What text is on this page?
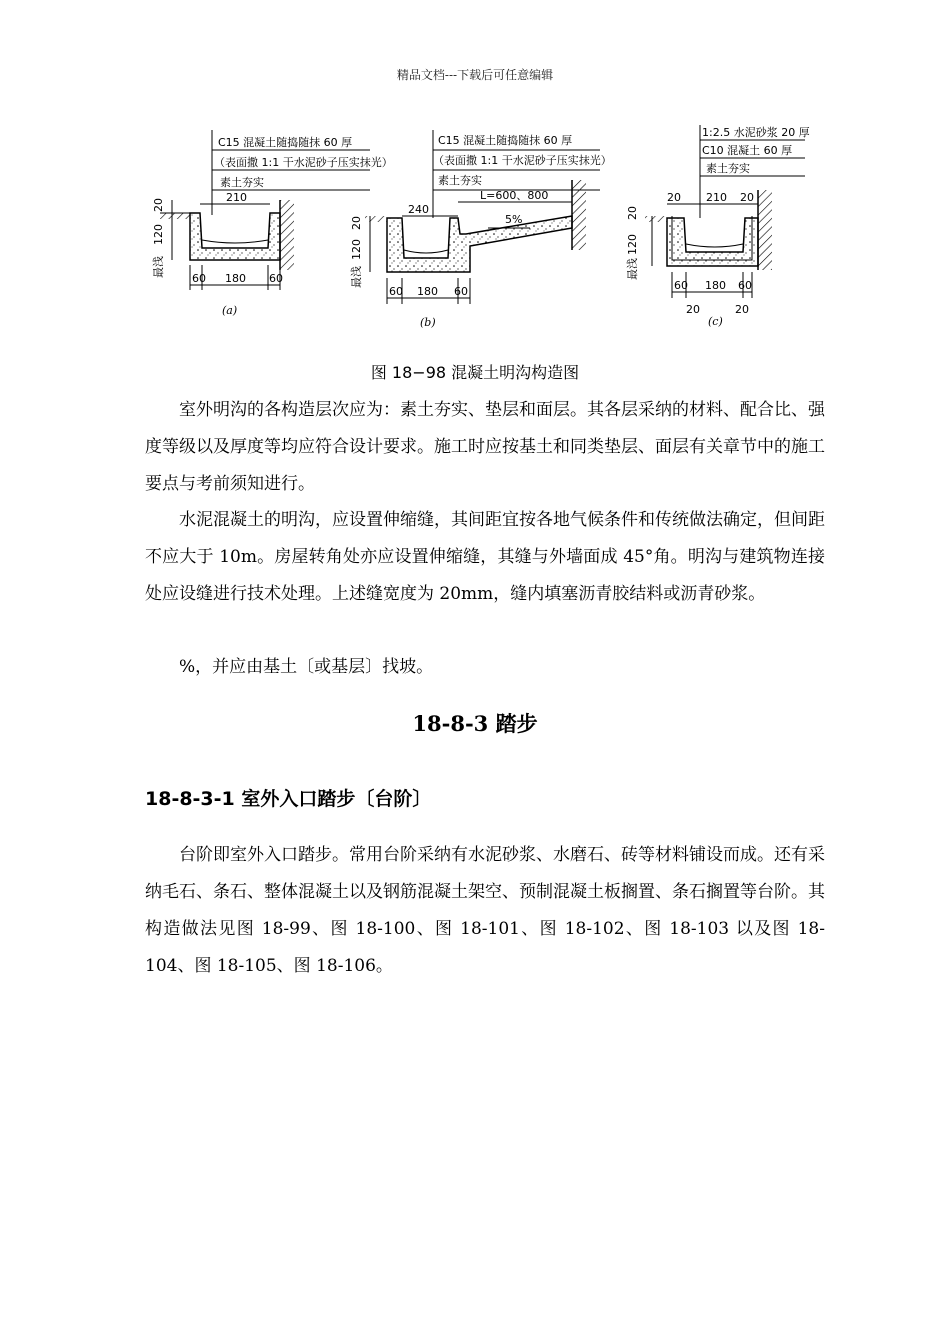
精品文档---下载后可任意编辑
C15 混凝土随捣随抹 60 厚
（表面撒 1:1 干水泥砂子压实抹光）
素土夯实
210
60 180 60
20
120
最浅
(a)
C15 混凝土随捣随抹 60 厚
（表面撒 1:1 干水泥砂子压实抹光）
素土夯实
240
L=600、800
5%
60 180 60
20
120
最浅
(b)
1:2.5 水泥砂浆 20 厚
C10 混凝土 60 厚
素土夯实
20 210 20
60 180 60
20	20
20
120
最浅
(c)
图 18−98 混凝土明沟构造图
室外明沟的各构造层次应为：素土夯实、垫层和面层。其各层采纳的材料、配合比、强度等级以及厚度等均应符合设计要求。施工时应按基土和同类垫层、面层有关章节中的施工要点与考前须知进行。
水泥混凝土的明沟，应设置伸缩缝，其间距宜按各地气候条件和传统做法确定，但间距不应大于 10m。房屋转角处亦应设置伸缩缝，其缝与外墙面成 45°角。明沟与建筑物连接处应设缝进行技术处理。上述缝宽度为 20mm，缝内填塞沥青胶结料或沥青砂浆。
%，并应由基土〔或基层〕找坡。
18-8-3 踏步
18-8-3-1 室外入口踏步〔台阶〕
台阶即室外入口踏步。常用台阶采纳有水泥砂浆、水磨石、砖等材料铺设而成。还有采纳毛石、条石、整体混凝土以及钢筋混凝土架空、预制混凝土板搁置、条石搁置等台阶。其构造做法见图 18-99、图 18-100、图 18-101、图 18-102、图 18-103 以及图 18-104、图 18-105、图 18-106。
